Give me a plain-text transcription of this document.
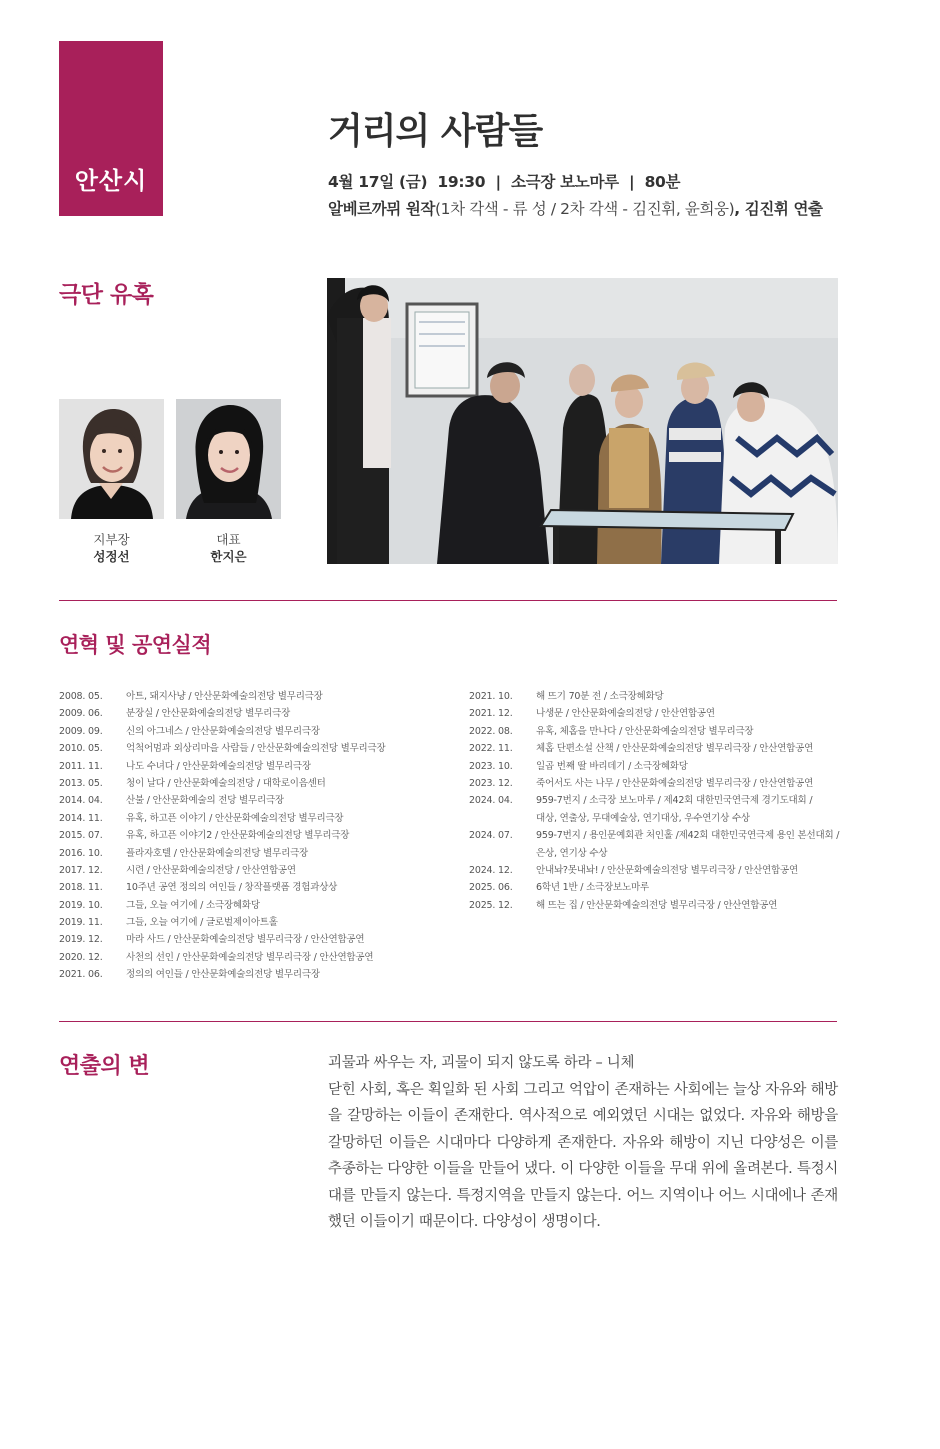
안산시
거리의 사람들
4월 17일 (금)  19:30  |  소극장 보노마루  |  80분
알베르까뮈 원작(1차 각색 - 류 성 / 2차 각색 - 김진휘, 윤희웅), 김진휘 연출
극단 유혹
지부장
성정선
대표
한지은
연혁 및 공연실적
2008. 05.	아트, 돼지사냥 / 안산문화예술의전당 별무리극장
2009. 06.	분장실 / 안산문화예술의전당 별무리극장
2009. 09.	신의 아그네스 / 안산문화예술의전당 별무리극장
2010. 05.	억척어멈과 외상리마을 사람들 / 안산문화예술의전당 별무리극장
2011. 11.	나도 수녀다 / 안산문화예술의전당 별무리극장
2013. 05.	청이 날다 / 안산문화예술의전당 / 대학로이음센터
2014. 04.	산불 / 안산문화예술의 전당 별무리극장
2014. 11.	유혹, 하고픈 이야기 / 안산문화예술의전당 별무리극장
2015. 07.	유혹, 하고픈 이야기2 / 안산문화예술의전당 별무리극장
2016. 10.	플라자호텔 / 안산문화예술의전당 별무리극장
2017. 12.	시련 / 안산문화예술의전당 / 안산연합공연
2018. 11.	10주년 공연 정의의 여인들 / 창작플랫폼 경험과상상
2019. 10.	그들, 오늘 여기에 / 소극장혜화당
2019. 11.	그들, 오늘 여기에 / 글로벌제이아트홀
2019. 12.	마라 사드 / 안산문화예술의전당 별무리극장 / 안산연합공연
2020. 12.	사천의 선인 / 안산문화예술의전당 별무리극장 / 안산연합공연
2021. 06.	정의의 여인들 / 안산문화예술의전당 별무리극장
2021. 10.	해 뜨기 70분 전 / 소극장혜화당
2021. 12.	나생문 / 안산문화예술의전당 / 안산연합공연
2022. 08.	유혹, 체홉을 만나다 / 안산문화예술의전당 별무리극장
2022. 11.	체홉 단편소설 산책 / 안산문화예술의전당 별무리극장 / 안산연합공연
2023. 10.	일곱 번째 딸 바리데기 / 소극장혜화당
2023. 12.	죽어서도 사는 나무 / 안산문화예술의전당 별무리극장 / 안산연합공연
2024. 04.	959-7번지 / 소극장 보노마루 / 제42회 대한민국연극제 경기도대회 /
대상, 연출상, 무대예술상, 연기대상, 우수연기상 수상
2024. 07.	959-7번지 / 용인문예회관 처인홀 /제42회 대한민국연극제 용인 본선대회 /
은상, 연기상 수상
2024. 12.	안내놔?못내놔! / 안산문화예술의전당 별무리극장 / 안산연합공연
2025. 06.	6학년 1반 / 소극장보노마루
2025. 12.	해 뜨는 집 / 안산문화예술의전당 별무리극장 / 안산연합공연
연출의 변	괴물과 싸우는 자, 괴물이 되지 않도록 하라 – 니체

닫힌 사회, 혹은 획일화 된 사회 그리고 억압이 존재하는 사회에는 늘상 자유와 해방을 갈망하는 이들이 존재한다. 역사적으로 예외였던 시대는 없었다. 자유와 해방을 갈망하던 이들은 시대마다 다양하게 존재한다. 자유와 해방이 지닌 다양성은 이를 추종하는 다양한 이들을 만들어 냈다. 이 다양한 이들을 무대 위에 올려본다. 특정시대를 만들지 않는다. 특정지역을 만들지 않는다. 어느 지역이나 어느 시대에나 존재했던 이들이기 때문이다. 다양성이 생명이다.
